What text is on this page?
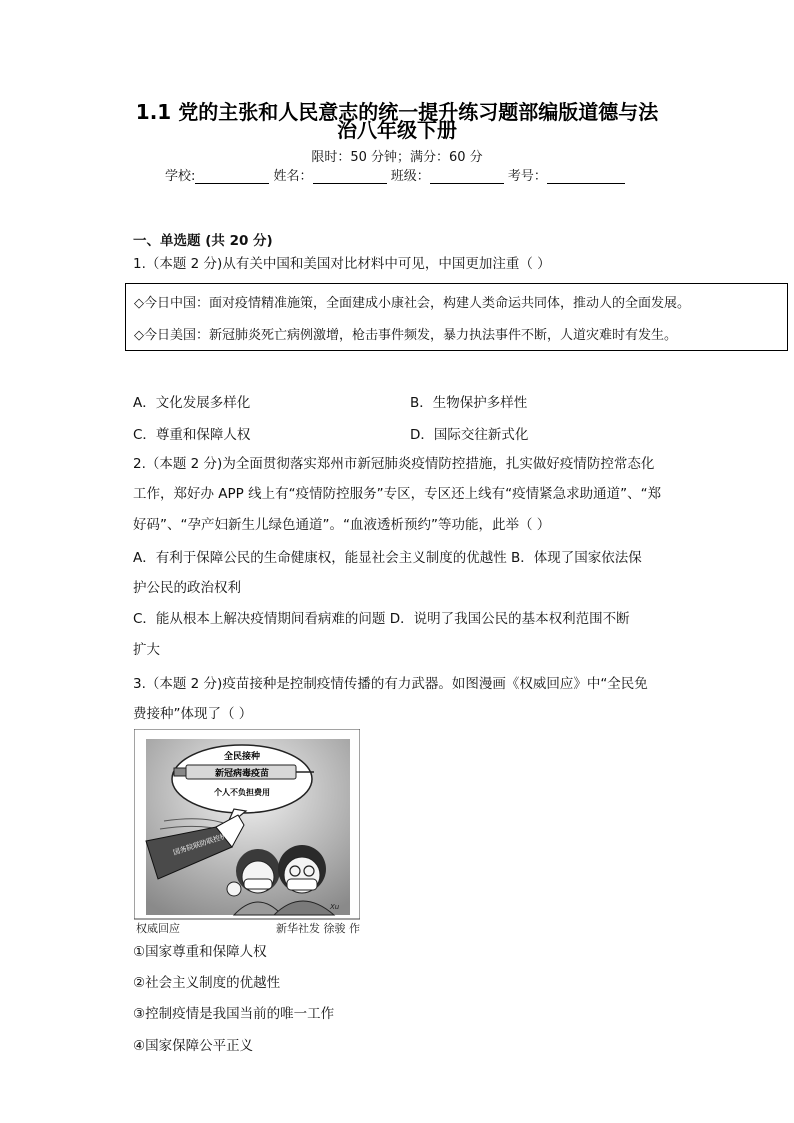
1.1 党的主张和人民意志的统一提升练习题部编版道德与法
治八年级下册
限时：50 分钟；满分：60 分
学校:	姓名：	班级：	考号：
一、单选题 (共 20 分)
1.（本题 2 分)从有关中国和美国对比材料中可见，中国更加注重（ ）
◇今日中国：面对疫情精准施策，全面建成小康社会，构建人类命运共同体，推动人的全面发展。
◇今日美国：新冠肺炎死亡病例激增，枪击事件频发，暴力执法事件不断，人道灾难时有发生。
A．文化发展多样化	B．生物保护多样性
C．尊重和保障人权	D．国际交往新式化
2.（本题 2 分)为全面贯彻落实郑州市新冠肺炎疫情防控措施，扎实做好疫情防控常态化
工作，郑好办 APP 线上有“疫情防控服务”专区，专区还上线有“疫情紧急求助通道”、“郑
好码”、“孕产妇新生儿绿色通道”。“血液透析预约”等功能，此举（ ）
A．有利于保障公民的生命健康权，能显社会主义制度的优越性 B．体现了国家依法保
护公民的政治权利
C．能从根本上解决疫情期间看病难的问题 D．说明了我国公民的基本权利范围不断
扩大
3.（本题 2 分)疫苗接种是控制疫情传播的有力武器。如图漫画《权威回应》中“全民免
费接种”体现了（ ）
全民接种
新冠病毒疫苗
个人不负担费用
国务院联防联控机制
Xu
权威回应	新华社发 徐骏 作
①国家尊重和保障人权
②社会主义制度的优越性
③控制疫情是我国当前的唯一工作
④国家保障公平正义
